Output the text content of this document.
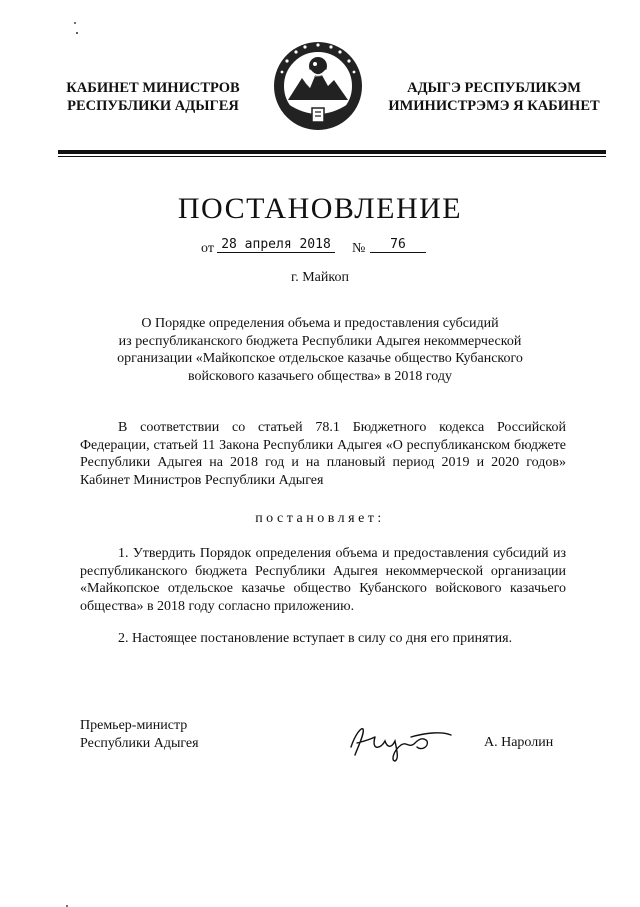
КАБИНЕТ МИНИСТРОВ
РЕСПУБЛИКИ АДЫГЕЯ
АДЫГЭ РЕСПУБЛИКЭМ
ИМИНИСТРЭМЭ Я КАБИНЕТ
ПОСТАНОВЛЕНИЕ
от 28 апреля 2018	№	76
г. Майкоп
О Порядке определения объема и предоставления субсидий
из республиканского бюджета Республики Адыгея некоммерческой
организации «Майкопское отдельское казачье общество Кубанского
войскового казачьего общества» в 2018 году
В соответствии со статьей 78.1 Бюджетного кодекса Российской Федерации, статьей 11 Закона Республики Адыгея «О республиканском бюджете Республики Адыгея на 2018 год и на плановый период 2019 и 2020 годов» Кабинет Министров Республики Адыгея
постановляет:
1. Утвердить Порядок определения объема и предоставления субсидий из республиканского бюджета Республики Адыгея некоммерческой организации «Майкопское отдельское казачье общество Кубанского войскового казачьего общества» в 2018 году согласно приложению.
2. Настоящее постановление вступает в силу со дня его принятия.
Премьер-министр
Республики Адыгея	А. Наролин
